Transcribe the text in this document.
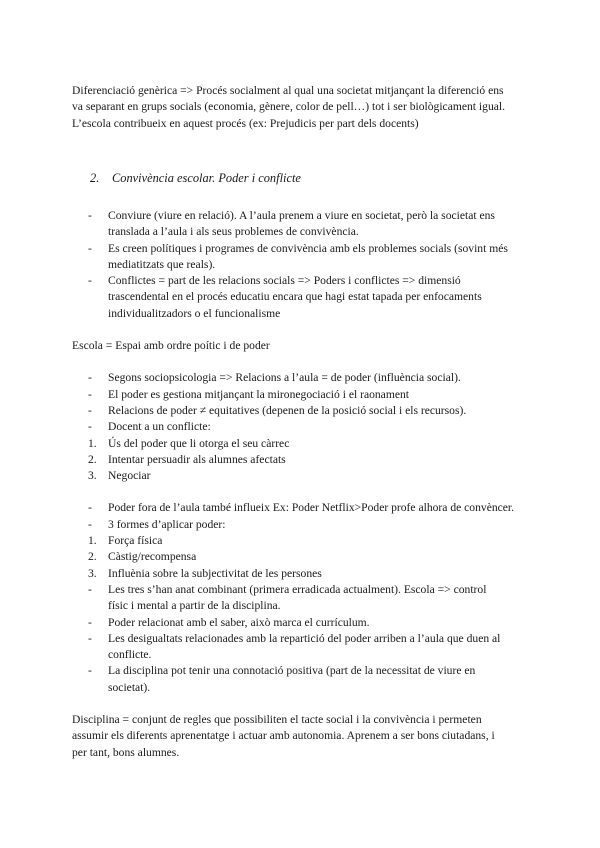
Diferenciació genèrica => Procés socialment al qual una societat mitjançant la diferenció ens

va separant en grups socials (economia, gènere, color de pell…) tot i ser biològicament igual.

L’escola contribueix en aquest procés (ex: Prejudicis per part dels docents)

2. Convivència escolar. Poder i conflicte
-	Conviure (viure en relació). A l’aula prenem a viure en societat, però la societat ens
translada a l’aula i als seus problemes de convivència.
-	Es creen polítiques i programes de convivència amb els problemes socials (sovint més
mediatitzats que reals).
-	Conflictes = part de les relacions socials => Poders i conflictes => dimensió
trascendental en el procés educatiu encara que hagi estat tapada per enfocaments
individualitzadors o el funcionalisme
Escola = Espai amb ordre poític i de poder
-	Segons sociopsicologia => Relacions a l’aula = de poder (influència social).
-	El poder es gestiona mitjançant la mironegociació i el raonament
-	Relacions de poder ≠ equitatives (depenen de la posició social i els recursos).
-	Docent a un conflicte:
1. Ús del poder que li otorga el seu càrrec
2. Intentar persuadir als alumnes afectats
3. Negociar
-	Poder fora de l’aula també influeix Ex: Poder Netflix>Poder profe alhora de convèncer.
-	3 formes d’aplicar poder:
1. Força física
2. Càstig/recompensa
3. Influènia sobre la subjectivitat de les persones
-	Les tres s’han anat combinant (primera erradicada actualment). Escola => control
físic i mental a partir de la disciplina.
-	Poder relacionat amb el saber, això marca el currículum.
-	Les desigualtats relacionades amb la repartició del poder arriben a l’aula que duen al
conflicte.
-	La disciplina pot tenir una connotació positiva (part de la necessitat de viure en
societat).

Disciplina = conjunt de regles que possibiliten el tacte social i la convivència i permeten

assumir els diferents aprenentatge i actuar amb autonomia. Aprenem a ser bons ciutadans, i

per tant, bons alumnes.
